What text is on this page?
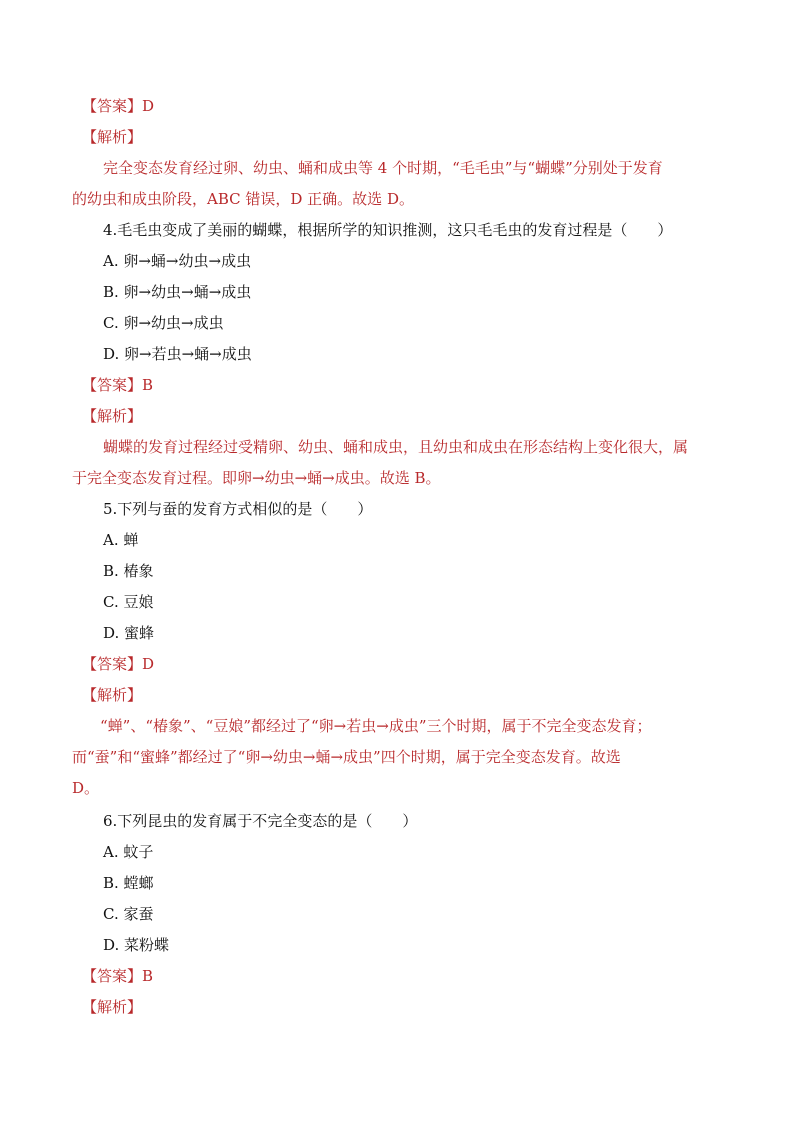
【答案】D
【解析】
完全变态发育经过卵、幼虫、蛹和成虫等 4 个时期，“毛毛虫”与“蝴蝶”分别处于发育
的幼虫和成虫阶段，ABC 错误，D 正确。故选 D。
4.毛毛虫变成了美丽的蝴蝶，根据所学的知识推测，这只毛毛虫的发育过程是（　　）
A. 卵→蛹→幼虫→成虫
B. 卵→幼虫→蛹→成虫
C. 卵→幼虫→成虫
D. 卵→若虫→蛹→成虫
【答案】B
【解析】
蝴蝶的发育过程经过受精卵、幼虫、蛹和成虫，且幼虫和成虫在形态结构上变化很大，属
于完全变态发育过程。即卵→幼虫→蛹→成虫。故选 B。
5.下列与蚕的发育方式相似的是（　　）
A. 蝉
B. 椿象
C. 豆娘
D. 蜜蜂
【答案】D
【解析】
“蝉”、“椿象”、“豆娘”都经过了“卵→若虫→成虫”三个时期，属于不完全变态发育；
而“蚕”和“蜜蜂”都经过了“卵→幼虫→蛹→成虫”四个时期，属于完全变态发育。故选
D。
6.下列昆虫的发育属于不完全变态的是（　　）
A. 蚊子
B. 螳螂
C. 家蚕
D. 菜粉蝶
【答案】B
【解析】
